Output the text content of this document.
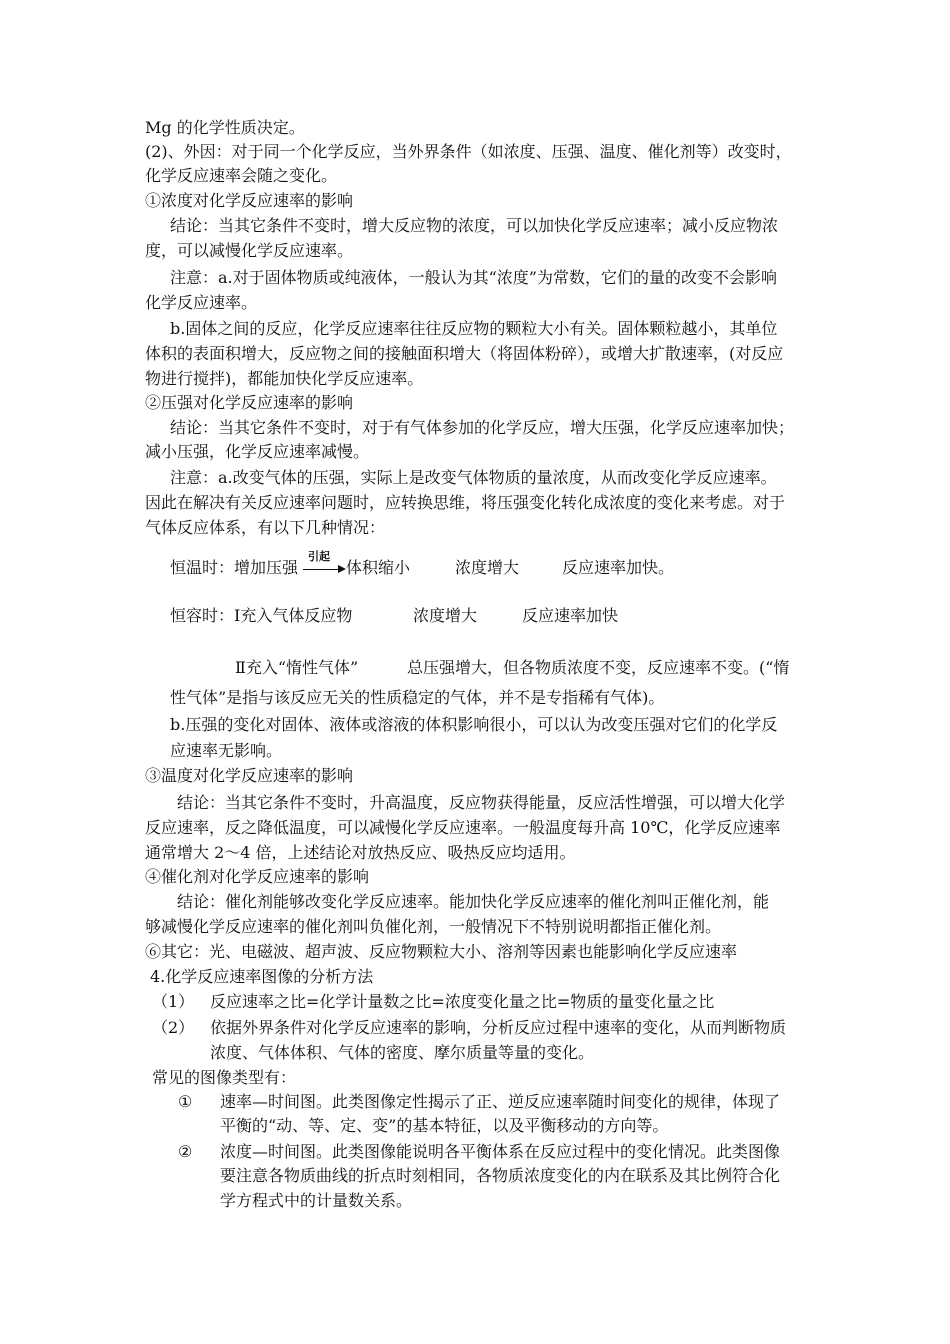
Mg 的化学性质决定。
(2)、外因：对于同一个化学反应，当外界条件（如浓度、压强、温度、催化剂等）改变时，
化学反应速率会随之变化。
①浓度对化学反应速率的影响
结论：当其它条件不变时，增大反应物的浓度，可以加快化学反应速率；减小反应物浓
度，可以减慢化学反应速率。
注意：a.对于固体物质或纯液体，一般认为其“浓度”为常数，它们的量的改变不会影响
化学反应速率。
b.固体之间的反应，化学反应速率往往反应物的颗粒大小有关。固体颗粒越小，其单位
体积的表面积增大，反应物之间的接触面积增大（将固体粉碎），或增大扩散速率，(对反应
物进行搅拌)，都能加快化学反应速率。
②压强对化学反应速率的影响
结论：当其它条件不变时，对于有气体参加的化学反应，增大压强，化学反应速率加快；
减小压强，化学反应速率减慢。
注意：a.改变气体的压强，实际上是改变气体物质的量浓度，从而改变化学反应速率。
因此在解决有关反应速率问题时，应转换思维，将压强变化转化成浓度的变化来考虑。对于
气体反应体系，有以下几种情况：
恒温时：增加压强
引起
体积缩小	浓度增大	反应速率加快。
恒容时：Ⅰ充入气体反应物	浓度增大	反应速率加快
Ⅱ充入“惰性气体”	总压强增大，但各物质浓度不变，反应速率不变。(“惰
性气体”是指与该反应无关的性质稳定的气体，并不是专指稀有气体)。
b.压强的变化对固体、液体或溶液的体积影响很小，可以认为改变压强对它们的化学反
应速率无影响。
③温度对化学反应速率的影响
结论：当其它条件不变时，升高温度，反应物获得能量，反应活性增强，可以增大化学
反应速率，反之降低温度，可以减慢化学反应速率。一般温度每升高 10℃，化学反应速率
通常增大 2～4 倍，上述结论对放热反应、吸热反应均适用。
④催化剂对化学反应速率的影响
结论：催化剂能够改变化学反应速率。能加快化学反应速率的催化剂叫正催化剂，能
够减慢化学反应速率的催化剂叫负催化剂，一般情况下不特别说明都指正催化剂。
⑥其它：光、电磁波、超声波、反应物颗粒大小、溶剂等因素也能影响化学反应速率
4.化学反应速率图像的分析方法
（1） 反应速率之比=化学计量数之比=浓度变化量之比=物质的量变化量之比
（2） 依据外界条件对化学反应速率的影响，分析反应过程中速率的变化，从而判断物质
浓度、气体体积、气体的密度、摩尔质量等量的变化。
常见的图像类型有：
① 速率—时间图。此类图像定性揭示了正、逆反应速率随时间变化的规律，体现了
平衡的“动、等、定、变”的基本特征，以及平衡移动的方向等。
② 浓度—时间图。此类图像能说明各平衡体系在反应过程中的变化情况。此类图像
要注意各物质曲线的折点时刻相同，各物质浓度变化的内在联系及其比例符合化
学方程式中的计量数关系。
